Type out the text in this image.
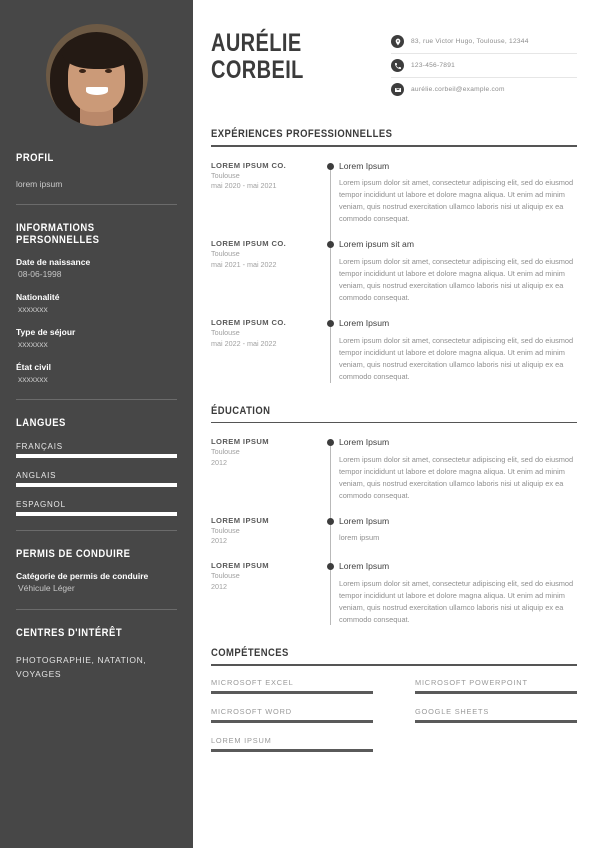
PROFIL
lorem ipsum
INFORMATIONS PERSONNELLES
Date de naissance
08-06-1998
Nationalité
xxxxxxx
Type de séjour
xxxxxxx
État civil
xxxxxxx
LANGUES
FRANÇAIS
ANGLAIS
ESPAGNOL
PERMIS DE CONDUIRE
Catégorie de permis de conduire
Véhicule Léger
CENTRES D'INTÉRÊT
PHOTOGRAPHIE, NATATION, VOYAGES
AURÉLIE
CORBEIL
83, rue Victor Hugo, Toulouse, 12344
123-456-7891
aurélie.corbeil@example.com
EXPÉRIENCES PROFESSIONNELLES
LOREM IPSUM CO.
Toulouse
mai 2020 - mai 2021
Lorem Ipsum
Lorem ipsum dolor sit amet, consectetur adipiscing elit, sed do eiusmod tempor incididunt ut labore et dolore magna aliqua. Ut enim ad minim veniam, quis nostrud exercitation ullamco laboris nisi ut aliquip ex ea commodo consequat.
LOREM IPSUM CO.
Toulouse
mai 2021 - mai 2022
Lorem ipsum sit am
Lorem ipsum dolor sit amet, consectetur adipiscing elit, sed do eiusmod tempor incididunt ut labore et dolore magna aliqua. Ut enim ad minim veniam, quis nostrud exercitation ullamco laboris nisi ut aliquip ex ea commodo consequat.
LOREM IPSUM CO.
Toulouse
mai 2022 - mai 2022
Lorem Ipsum
Lorem ipsum dolor sit amet, consectetur adipiscing elit, sed do eiusmod tempor incididunt ut labore et dolore magna aliqua. Ut enim ad minim veniam, quis nostrud exercitation ullamco laboris nisi ut aliquip ex ea commodo consequat.
ÉDUCATION
LOREM IPSUM
Toulouse
2012
Lorem Ipsum
Lorem ipsum dolor sit amet, consectetur adipiscing elit, sed do eiusmod tempor incididunt ut labore et dolore magna aliqua. Ut enim ad minim veniam, quis nostrud exercitation ullamco laboris nisi ut aliquip ex ea commodo consequat.
LOREM IPSUM
Toulouse
2012
Lorem Ipsum
lorem ipsum
LOREM IPSUM
Toulouse
2012
Lorem Ipsum
Lorem ipsum dolor sit amet, consectetur adipiscing elit, sed do eiusmod tempor incididunt ut labore et dolore magna aliqua. Ut enim ad minim veniam, quis nostrud exercitation ullamco laboris nisi ut aliquip ex ea commodo consequat.
COMPÉTENCES
MICROSOFT EXCEL	MICROSOFT POWERPOINT
MICROSOFT WORD	GOOGLE SHEETS
LOREM IPSUM
